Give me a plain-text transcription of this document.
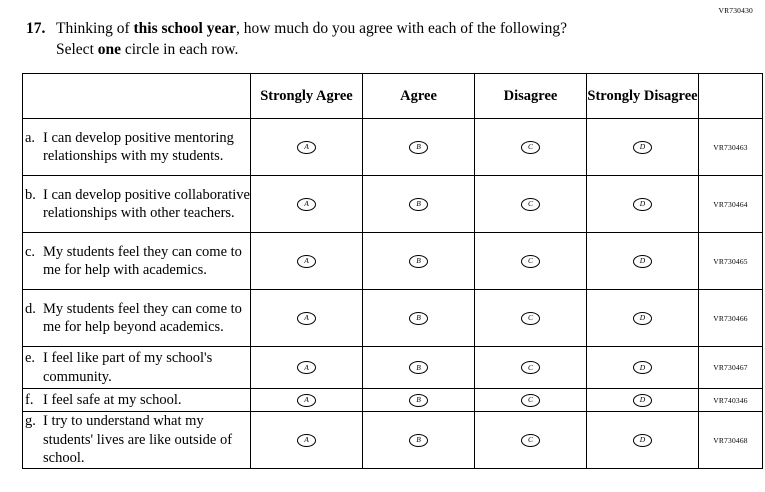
VR730430
17. Thinking of this school year, how much do you agree with each of the following?
Select one circle in each row.
	Strongly Agree	Agree	Disagree	Strongly Disagree	

a. I can develop positive mentoring relationships with my students.	A	B	C	D	VR730463

b. I can develop positive collaborative relationships with other teachers.	A	B	C	D	VR730464

c. My students feel they can come to me for help with academics.	A	B	C	D	VR730465

d. My students feel they can come to me for help beyond academics.	A	B	C	D	VR730466

e. I feel like part of my school's community.	A	B	C	D	VR730467

f. I feel safe at my school.	A	B	C	D	VR740346

g. I try to understand what my students' lives are like outside of school.	A	B	C	D	VR730468
